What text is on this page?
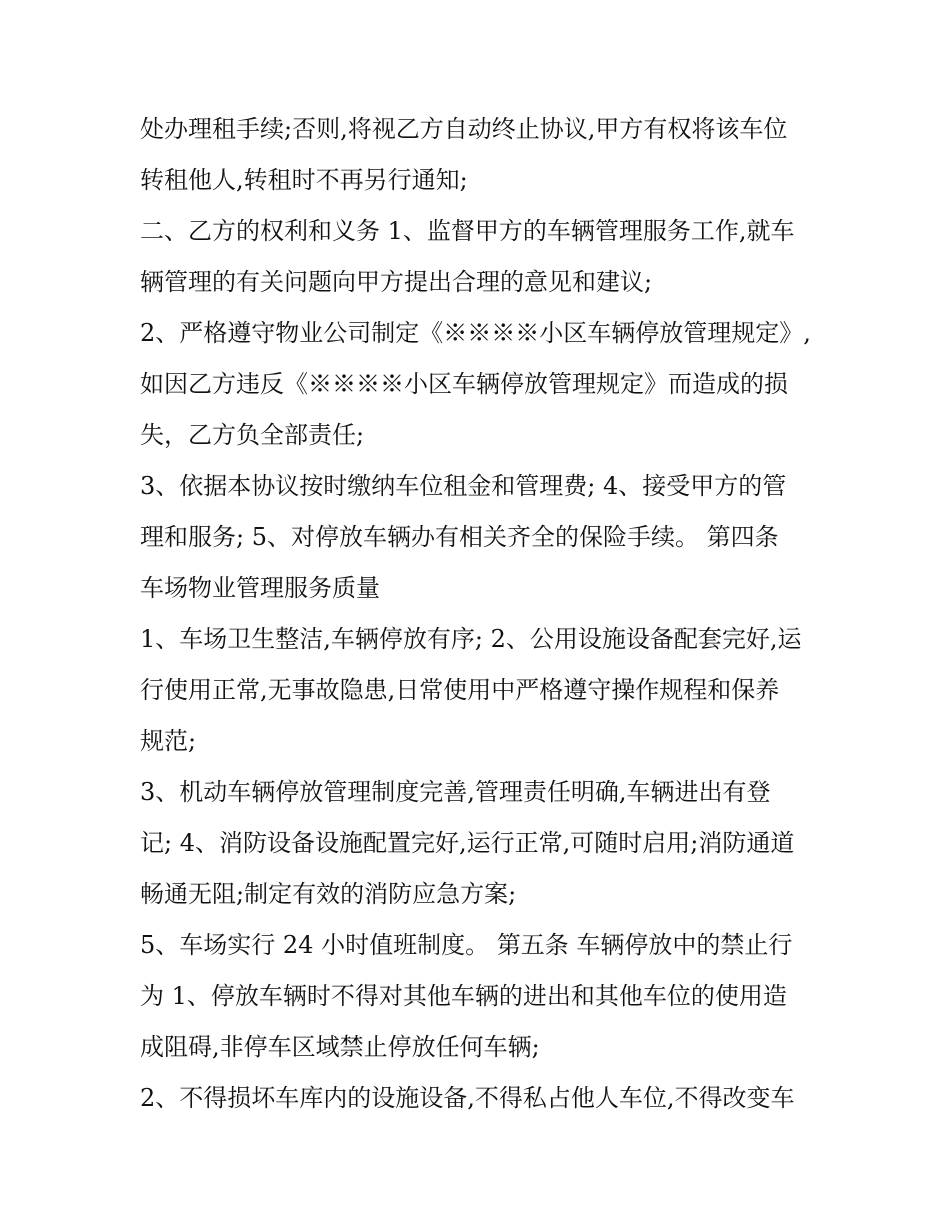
处办理租手续;否则,将视乙方自动终止协议,甲方有权将该车位
转租他人,转租时不再另行通知;
二、乙方的权利和义务 1、监督甲方的车辆管理服务工作,就车
辆管理的有关问题向甲方提出合理的意见和建议;
2、严格遵守物业公司制定《※※※※小区车辆停放管理规定》,
如因乙方违反《※※※※小区车辆停放管理规定》而造成的损
失，乙方负全部责任;
3、依据本协议按时缴纳车位租金和管理费; 4、接受甲方的管
理和服务; 5、对停放车辆办有相关齐全的保险手续。 第四条
车场物业管理服务质量
1、车场卫生整洁,车辆停放有序; 2、公用设施设备配套完好,运
行使用正常,无事故隐患,日常使用中严格遵守操作规程和保养
规范;
3、机动车辆停放管理制度完善,管理责任明确,车辆进出有登
记; 4、消防设备设施配置完好,运行正常,可随时启用;消防通道
畅通无阻;制定有效的消防应急方案;
5、车场实行 24 小时值班制度。 第五条 车辆停放中的禁止行
为 1、停放车辆时不得对其他车辆的进出和其他车位的使用造
成阻碍,非停车区域禁止停放任何车辆;
2、不得损坏车库内的设施设备,不得私占他人车位,不得改变车
